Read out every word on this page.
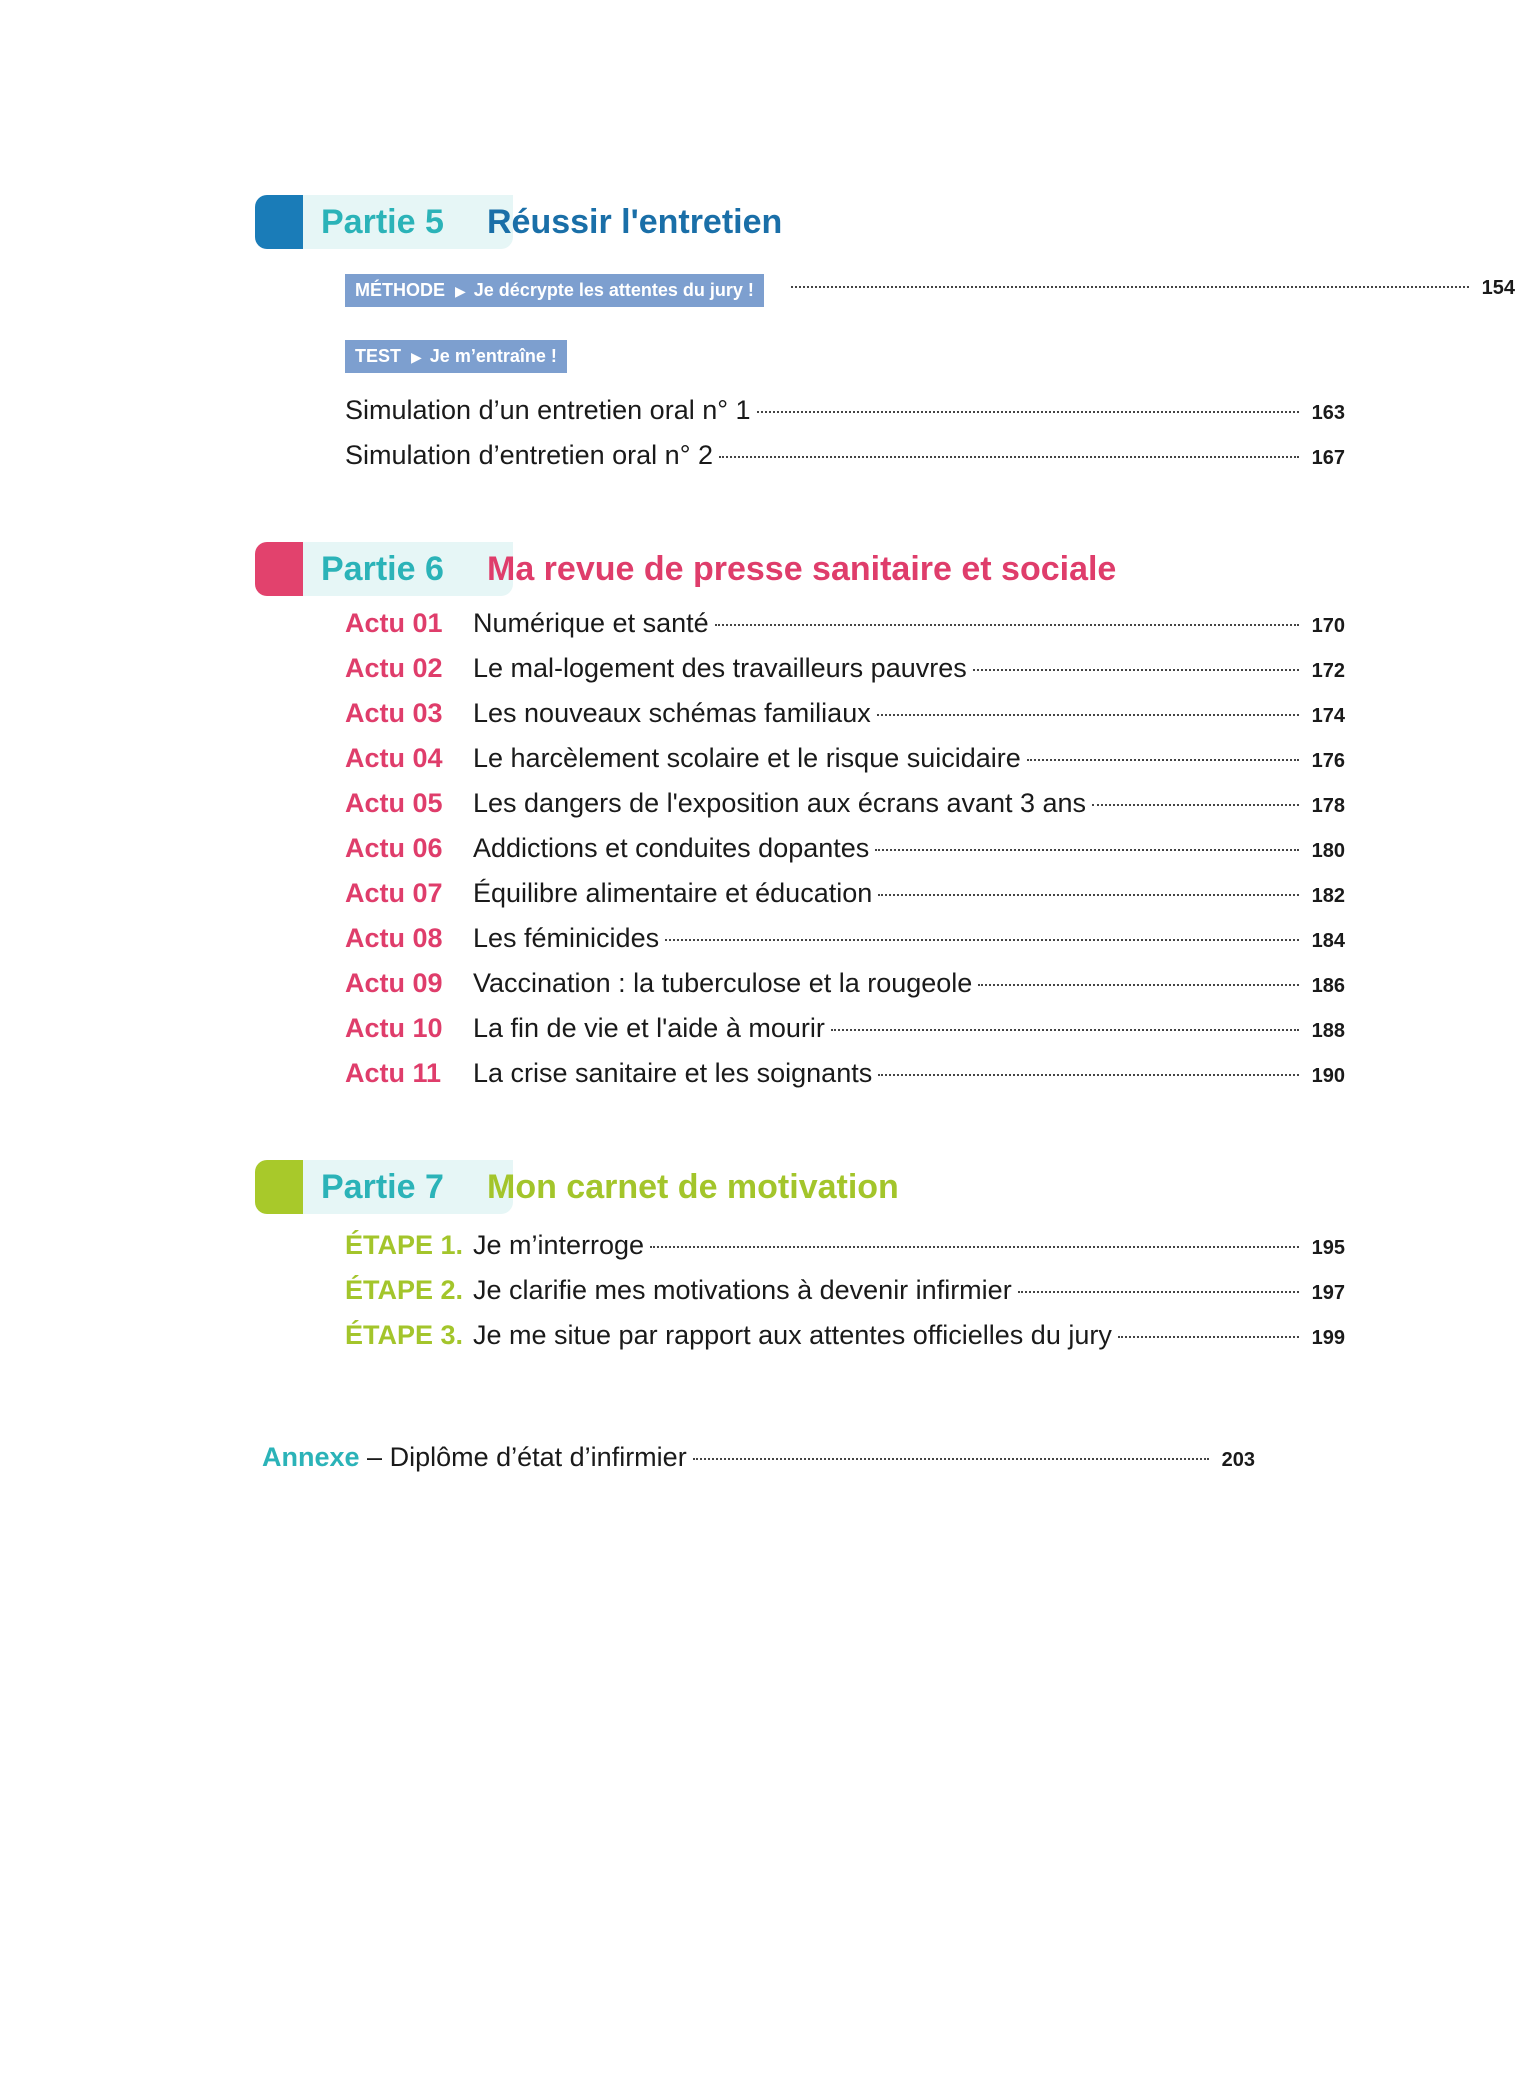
Partie 5 Réussir l'entretien
MÉTHODE ▶ Je décrypte les attentes du jury !	154
TEST ▶ Je m’entraîne !
Simulation d’un entretien oral n° 1	163
Simulation d’entretien oral n° 2	167
Partie 6 Ma revue de presse sanitaire et sociale
Actu 01	Numérique et santé	170
Actu 02	Le mal-logement des travailleurs pauvres	172
Actu 03	Les nouveaux schémas familiaux	174
Actu 04	Le harcèlement scolaire et le risque suicidaire	176
Actu 05	Les dangers de l'exposition aux écrans avant 3 ans	178
Actu 06	Addictions et conduites dopantes	180
Actu 07	Équilibre alimentaire et éducation	182
Actu 08	Les féminicides	184
Actu 09	Vaccination : la tuberculose et la rougeole	186
Actu 10	La fin de vie et l'aide à mourir	188
Actu 11	La crise sanitaire et les soignants	190
Partie 7 Mon carnet de motivation
ÉTAPE 1. Je m’interroge	195
ÉTAPE 2. Je clarifie mes motivations à devenir infirmier	197
ÉTAPE 3. Je me situe par rapport aux attentes officielles du jury	199
Annexe – Diplôme d’état d’infirmier	203
